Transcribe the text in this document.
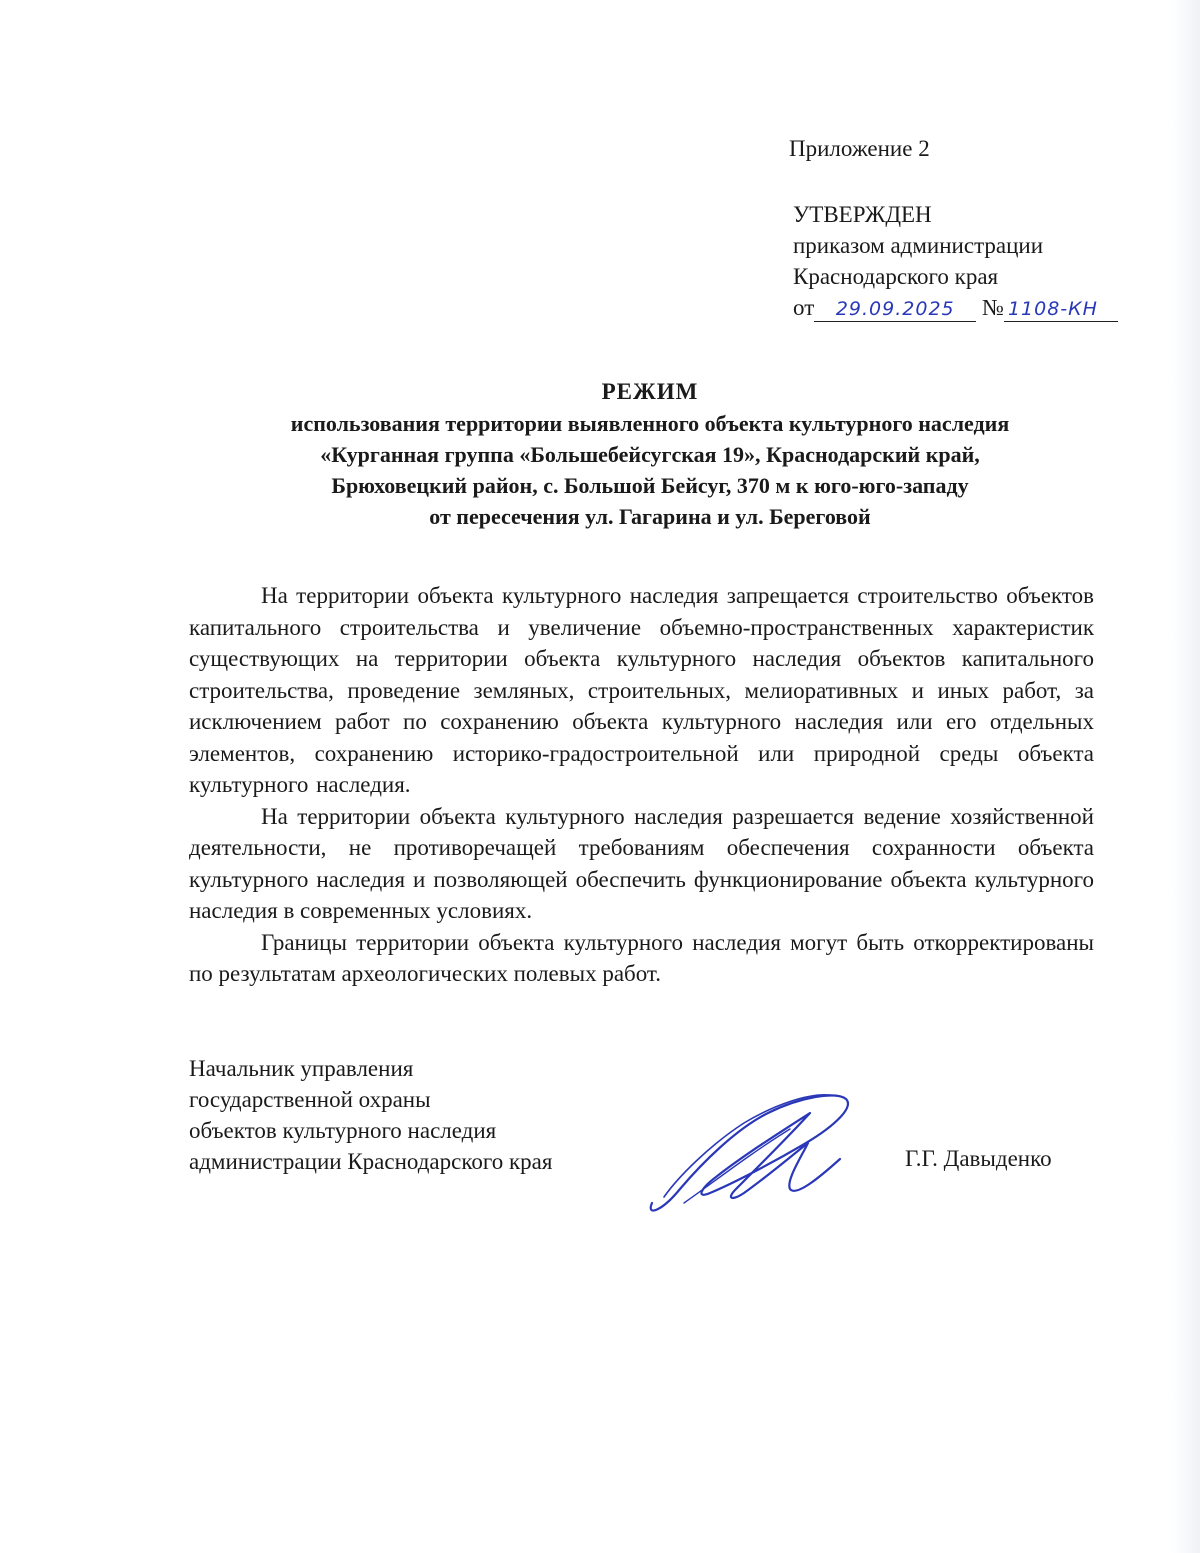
Приложение 2
УТВЕРЖДЕН
приказом администрации
Краснодарского края
от 29.09.2025 № 1108-КН
РЕЖИМ
использования территории выявленного объекта культурного наследия
«Курганная группа «Большебейсугская 19», Краснодарский край,
Брюховецкий район, с. Большой Бейсуг, 370 м к юго-юго-западу
от пересечения ул. Гагарина и ул. Береговой

На территории объекта культурного наследия запрещается строительство объектов капитального строительства и увеличение объемно-пространственных характеристик существующих на территории объекта культурного наследия объектов капитального строительства, проведение земляных, строительных, мелиоративных и иных работ, за исключением работ по сохранению объекта культурного наследия или его отдельных элементов, сохранению историко-градостроительной или природной среды объекта культурного наследия.

На территории объекта культурного наследия разрешается ведение хозяйственной деятельности, не противоречащей требованиям обеспечения сохранности объекта культурного наследия и позволяющей обеспечить функционирование объекта культурного наследия в современных условиях.

Границы территории объекта культурного наследия могут быть откорректированы по результатам археологических полевых работ.

Начальник управления
государственной охраны
объектов культурного наследия
администрации Краснодарского края	Г.Г. Давыденко
